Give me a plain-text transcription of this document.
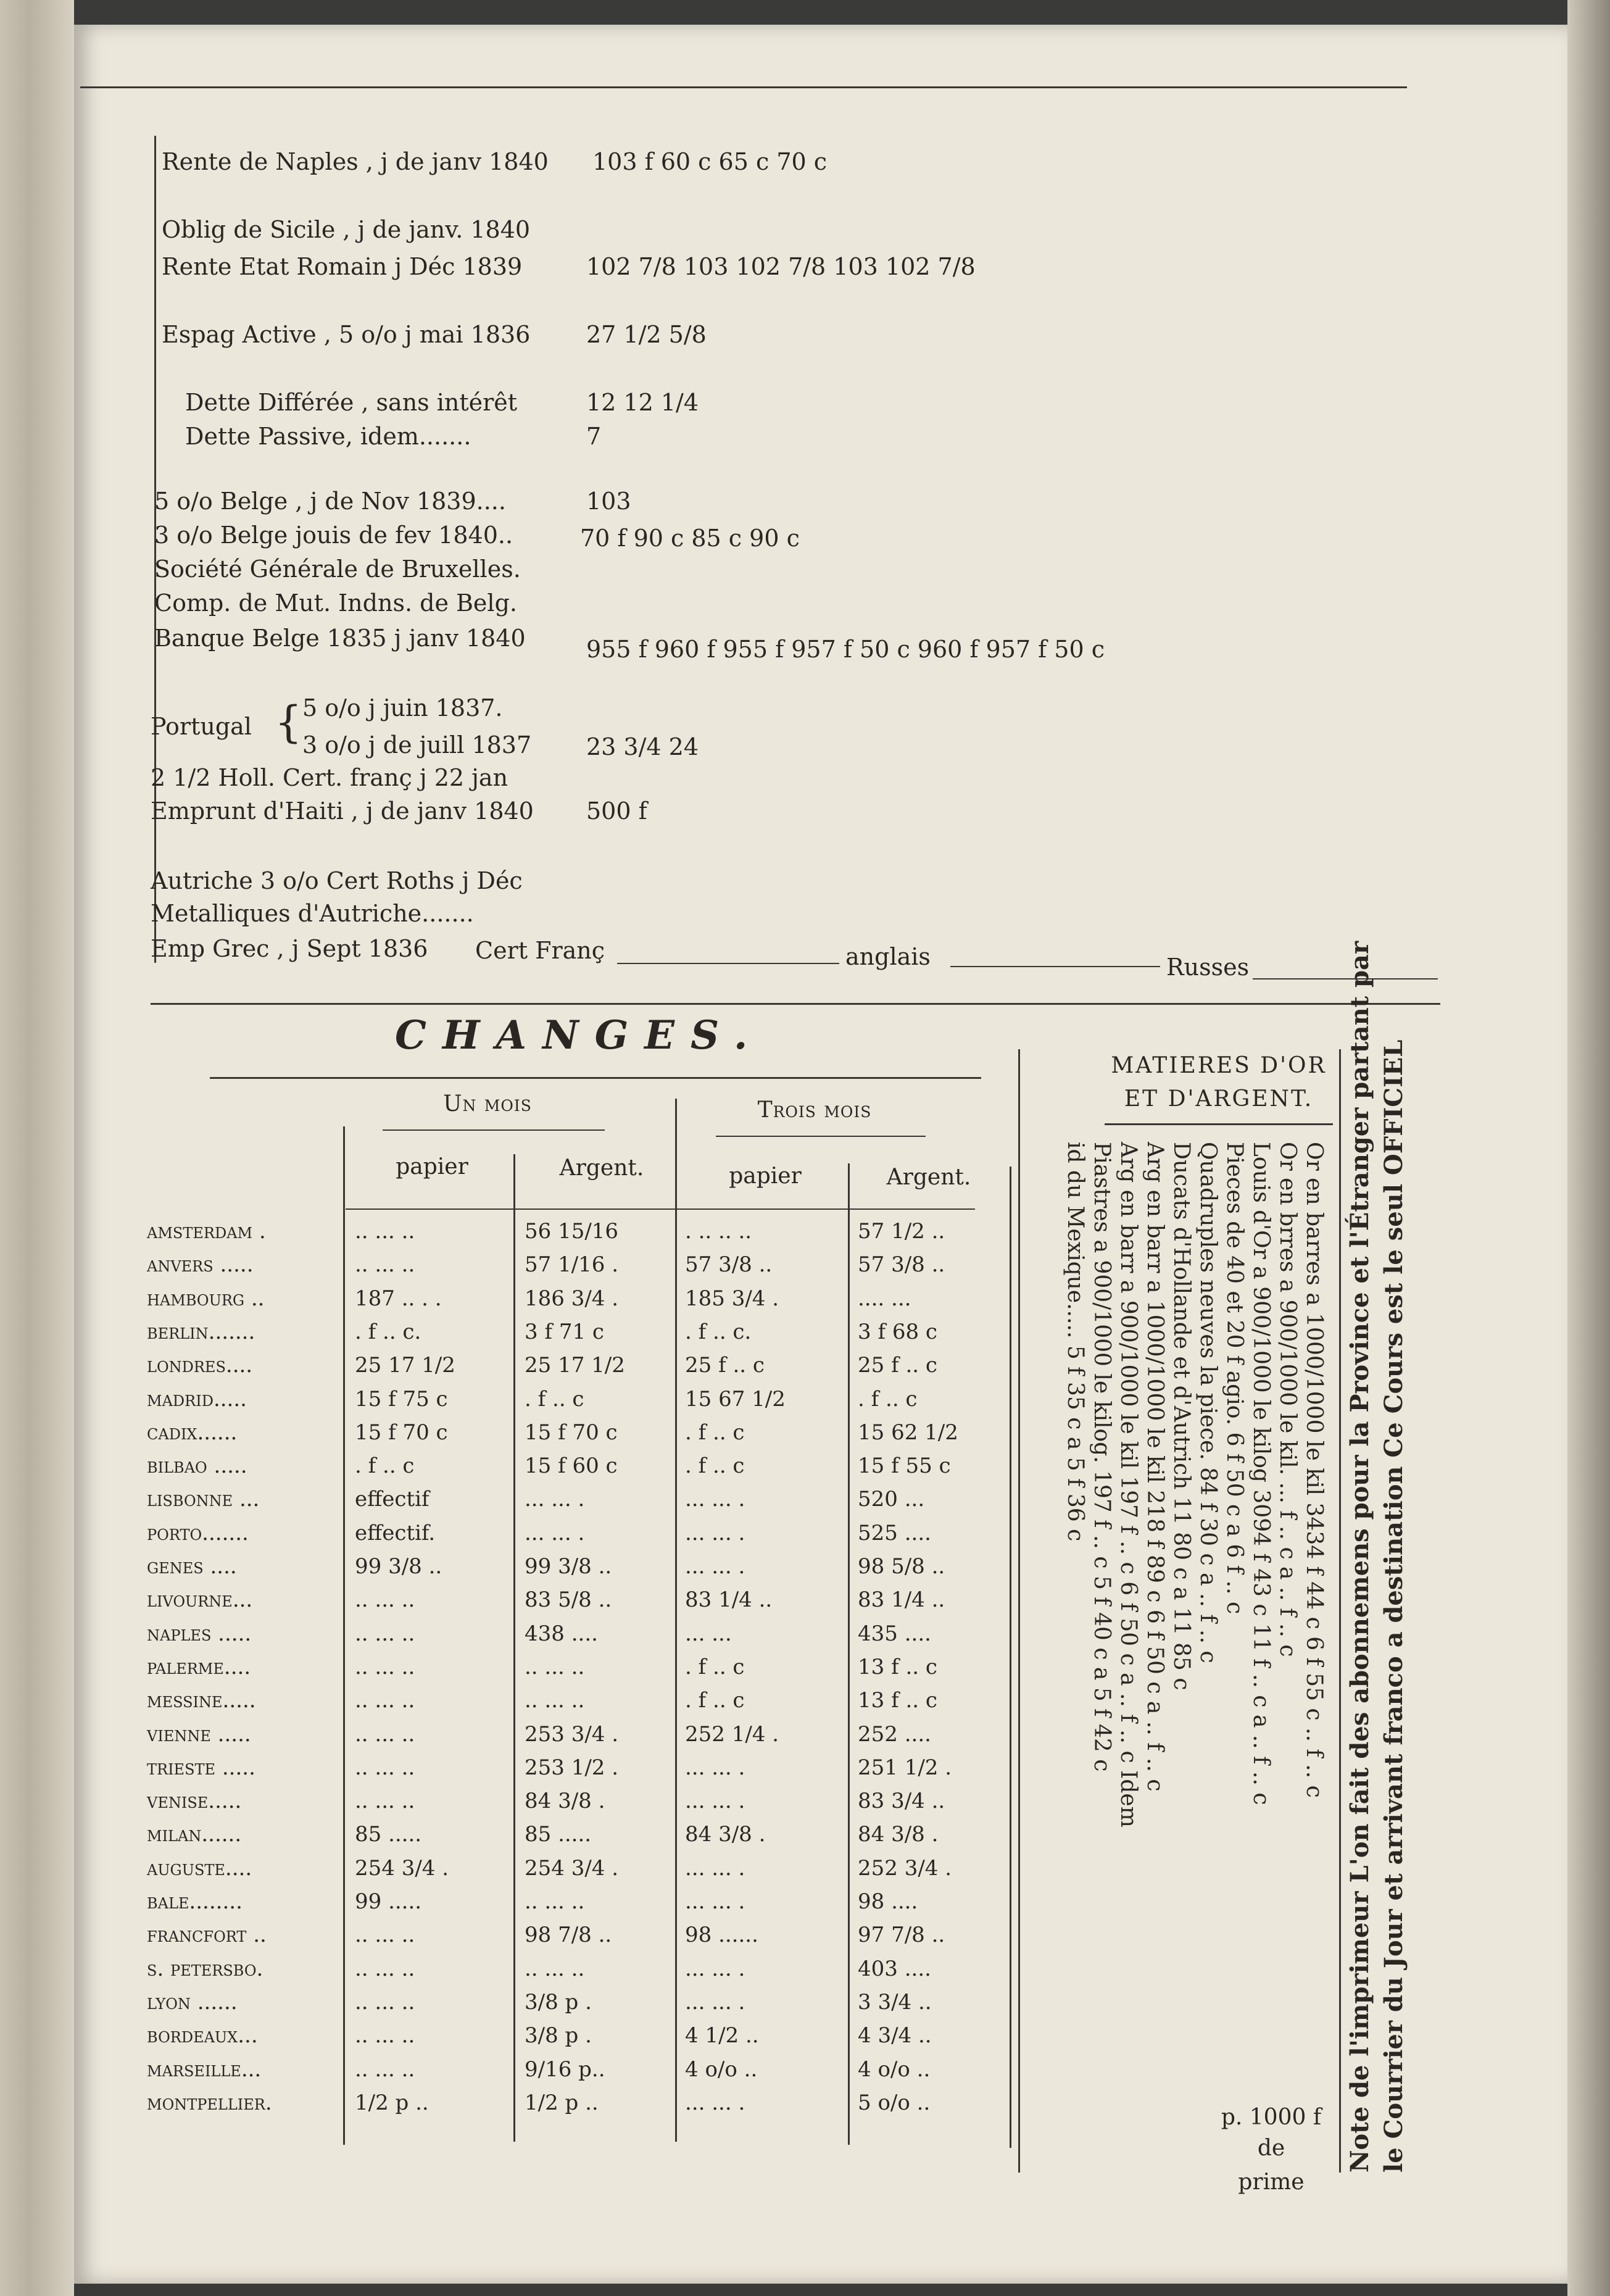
Rente de Naples , j de janv 1840 103 f 60 c 65 c 70 c
Oblig de Sicile , j de janv. 1840
Rente Etat Romain j Déc 1839	102 7/8 103 102 7/8 103 102 7/8
Espag Active , 5 o/o j mai 1836 27 1/2 5/8
Dette Différée , sans intérêt	12 12 1/4
Dette Passive, idem.......	7
5 o/o Belge , j de Nov 1839....	103
3 o/o Belge jouis de fev 1840..	70 f 90 c 85 c 90 c
Société Générale de Bruxelles.
Comp. de Mut. Indns. de Belg.
Banque Belge 1835 j janv 1840	955 f 960 f 955 f 957 f 50 c 960 f 957 f 50 c
Portugal { 5 o/o j juin 1837.
3 o/o j de juill 1837 23 3/4 24
2 1/2 Holl. Cert. franç j 22 jan
Emprunt d'Haiti , j de janv 1840 500 f
Autriche 3 o/o Cert Roths j Déc
Metalliques d'Autriche.......
Emp Grec , j Sept 1836 Cert Franç	anglais	Russes
CHANGES.
Un mois	Trois mois
papier	Argent.	papier	Argent.
amsterdam .	.. ... ..	56 15/16	. .. .. ..	57 1/2 ..
anvers .....	.. ... ..	57 1/16 .	57 3/8 ..	57 3/8 ..
hambourg ..	187 .. . .	186 3/4 .	185 3/4 .	.... ...
berlin.......	. f .. c.	3 f 71 c	. f .. c.	3 f 68 c
londres....	25 17 1/2	25 17 1/2	25 f .. c	25 f .. c
madrid.....	15 f 75 c	. f .. c	15 67 1/2	. f .. c
cadix......	15 f 70 c	15 f 70 c	. f .. c	15 62 1/2
bilbao .....	. f .. c	15 f 60 c	. f .. c	15 f 55 c
lisbonne ...	effectif	... ... .	... ... .	520 ...
porto.......	effectif.	... ... .	... ... .	525 ....
genes ....	99 3/8 ..	99 3/8 ..	... ... .	98 5/8 ..
livourne...	.. ... ..	83 5/8 ..	83 1/4 ..	83 1/4 ..
naples .....	.. ... ..	438 ....	... ...	435 ....
palerme....	.. ... ..	.. ... ..	. f .. c	13 f .. c
messine.....	.. ... ..	.. ... ..	. f .. c	13 f .. c
vienne .....	.. ... ..	253 3/4 .	252 1/4 .	252 ....
trieste .....	.. ... ..	253 1/2 .	... ... .	251 1/2 .
venise.....	.. ... ..	84 3/8 .	... ... .	83 3/4 ..
milan......	85 .....	85 .....	84 3/8 .	84 3/8 .
auguste....	254 3/4 .	254 3/4 .	... ... .	252 3/4 .
bale........	99 .....	.. ... ..	... ... .	98 ....
francfort ..	.. ... ..	98 7/8 ..	98 ......	97 7/8 ..
s. petersbo.	.. ... ..	.. ... ..	... ... .	403 ....
lyon ......	.. ... ..	3/8 p .	... ... .	3 3/4 ..
bordeaux...	.. ... ..	3/8 p .	4 1/2 ..	4 3/4 ..
marseille...	.. ... ..	9/16 p..	4 o/o ..	4 o/o ..
montpellier.	1/2 p ..	1/2 p ..	... ... .	5 o/o ..
MATIERES D'OR
ET D'ARGENT.
Or en barres a 1000/1000 le kil 3434 f 44 c 6 f 55 c .. f .. c
Or en brres a 900/1000 le kil. ... f .. c a .. f .. c
Louis d'Or a 900/1000 le kilog 3094 f 43 c 11 f .. c a .. f .. c
Pieces de 40 et 20 f agio. 6 f 50 c a 6 f .. c
Quadruples neuves la piece. 84 f 30 c a .. f .. c
Ducats d'Hollande et d'Autrich 11 80 c a 11 85 c
Arg en barr a 1000/1000 le kil 218 f 89 c 6 f 50 c a .. f .. c
Arg en barr a 900/1000 le kil 197 f .. c 6 f 50 c a .. f .. c Idem
Piastres a 900/1000 le kilog. 197 f .. c 5 f 40 c a 5 f 42 c
id du Mexique..... 5 f 35 c a 5 f 36 c
p. 1000 f
de
prime
Note de l'imprimeur L'on fait des abonnemens pour la Province et l'Étranger partant par le Courrier du Jour et arrivant franco a destination Ce Cours est le seul OFFICIEL
